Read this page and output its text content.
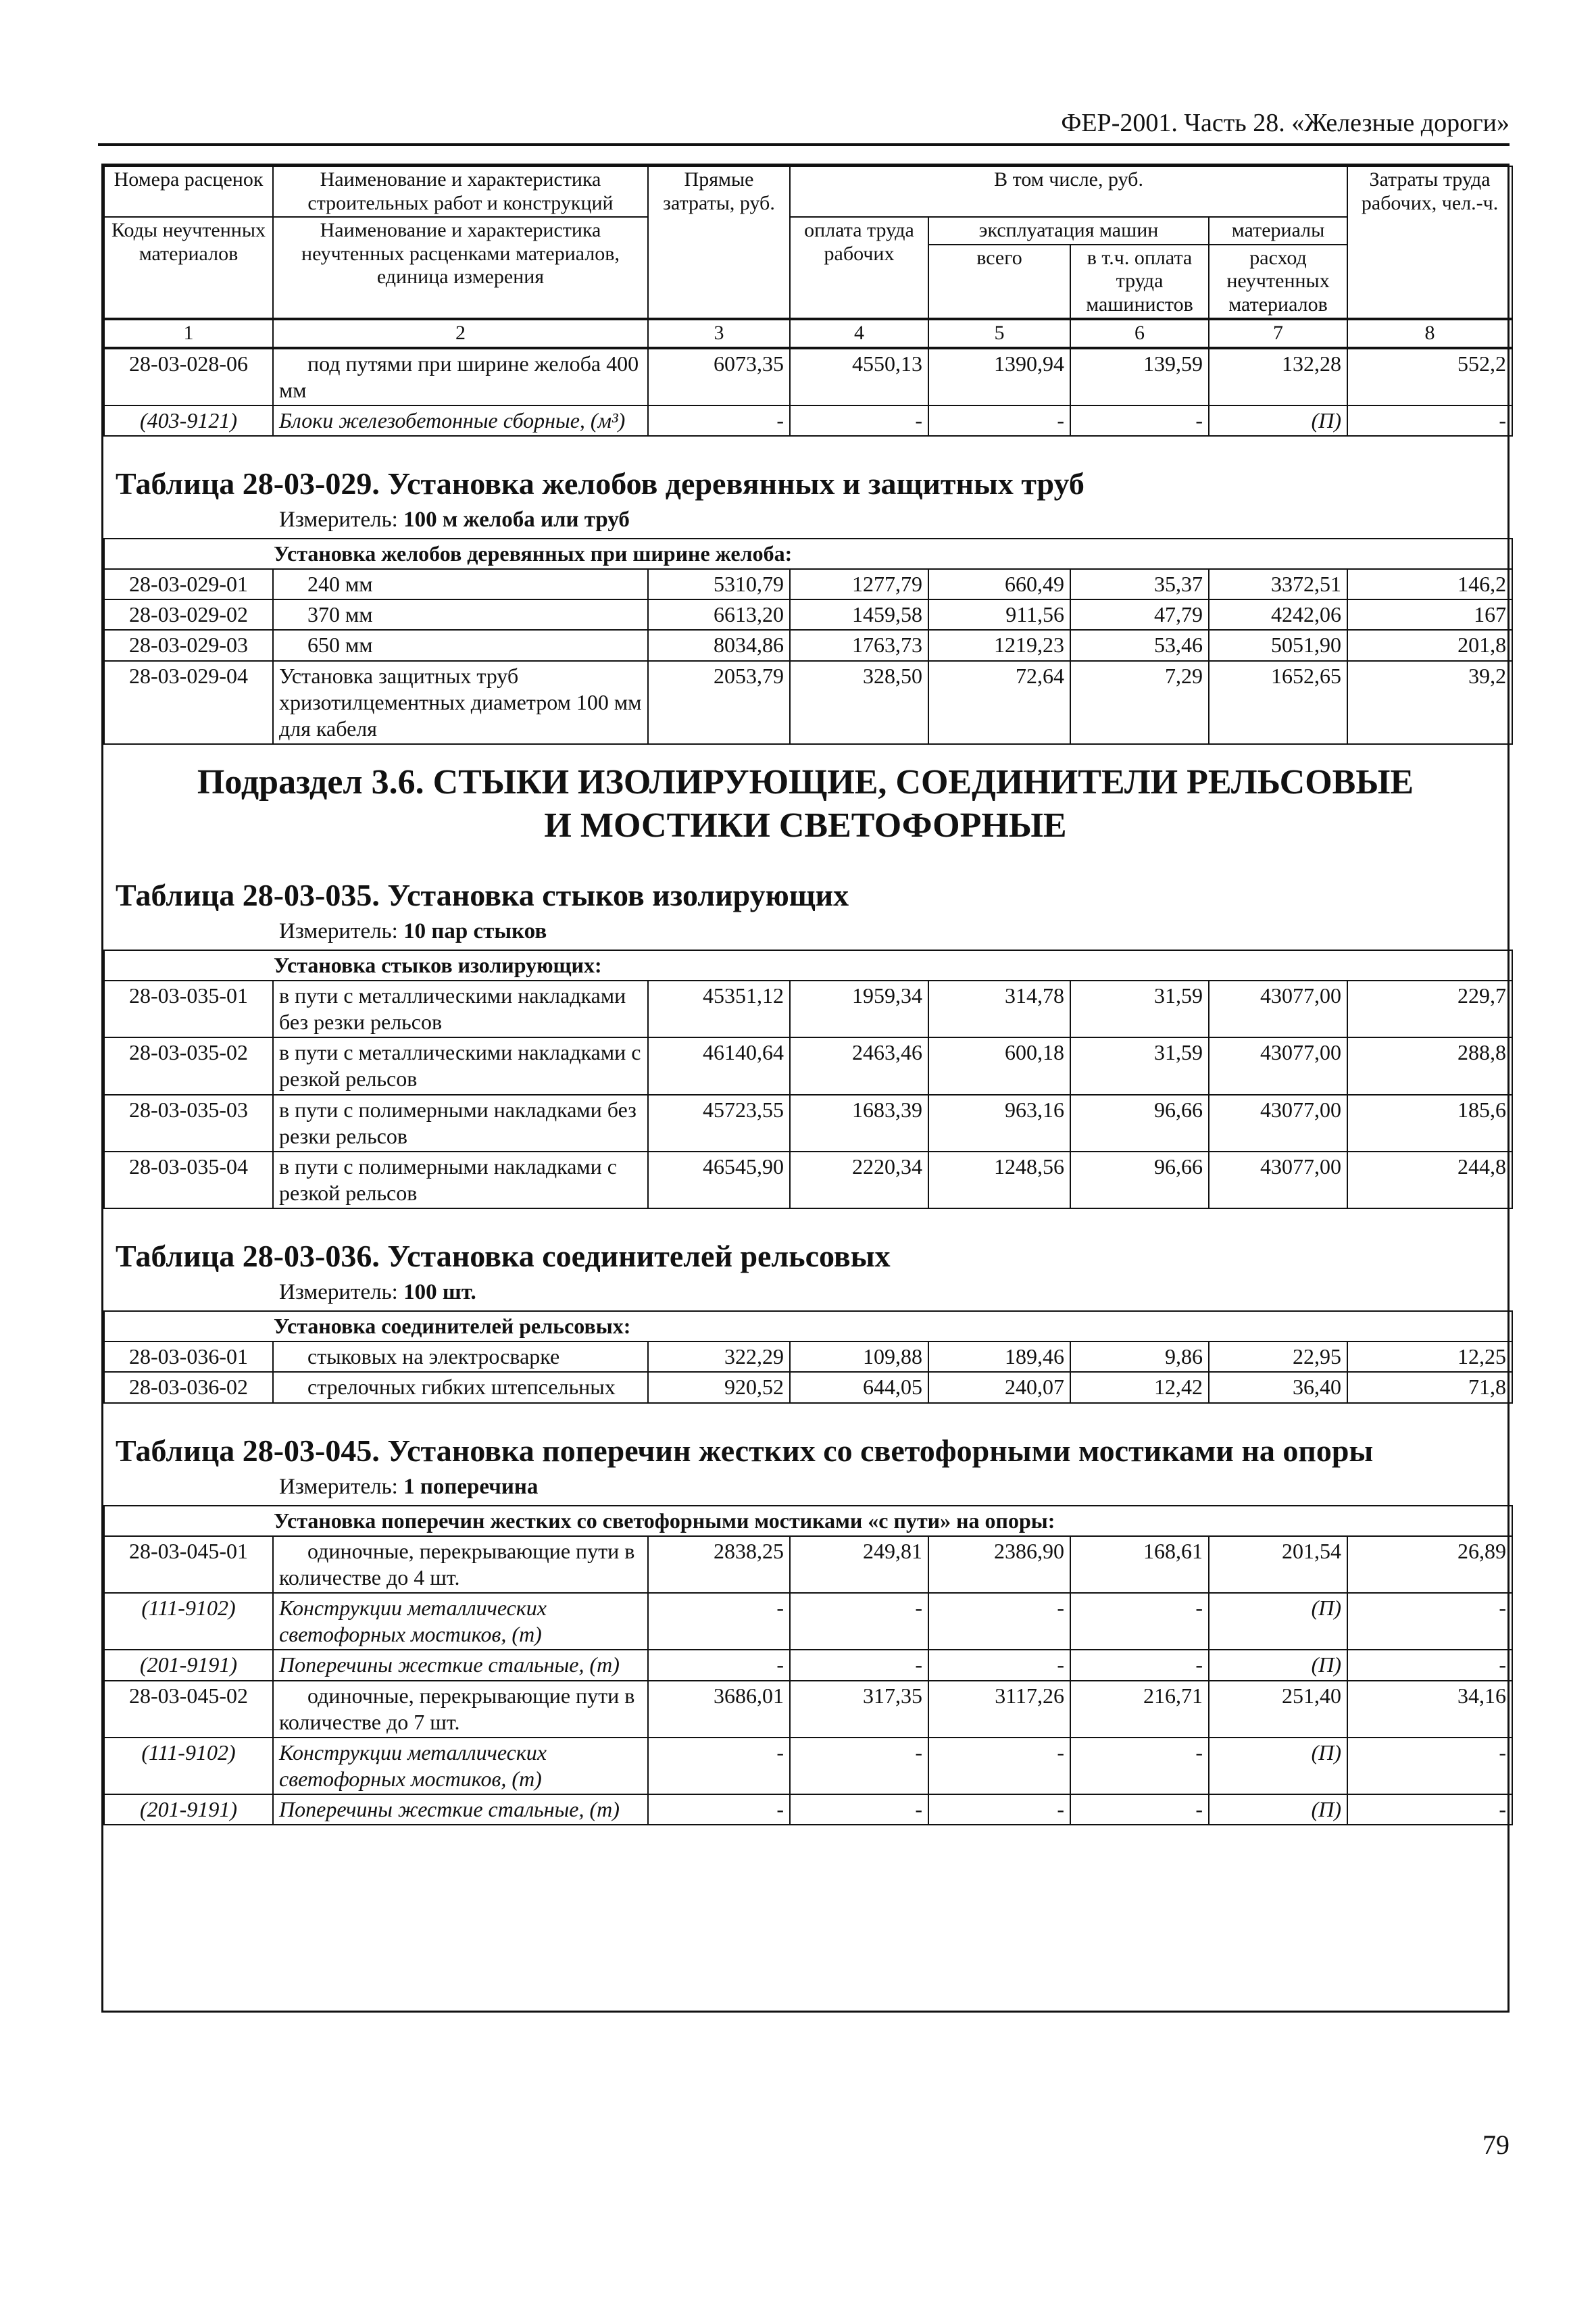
ФЕР-2001. Часть 28. «Железные дороги»
Номера расценок	Наименование и характеристика строительных работ и конструкций	Прямые затраты, руб.	В том числе, руб.				Затраты труда рабочих, чел.-ч.
Коды неучтенных материалов	Наименование и характеристика неучтенных расценками материалов, единица измерения		оплата труда рабочих	эксплуатация машин		материалы	
				всего	в т.ч. оплата труда машинистов	расход неучтенных материалов	
1	2	3	4	5	6	7	8
28-03-028-06	под путями при ширине желоба 400 мм	6073,35	4550,13	1390,94	139,59	132,28	552,2
(403-9121)	Блоки железобетонные сборные, (м³)	-	-	-	-	(П)	-
Таблица 28-03-029. Установка желобов деревянных и защитных труб
Измеритель: 100 м желоба или труб
Установка желобов деревянных при ширине желоба:							
28-03-029-01	240 мм	5310,79	1277,79	660,49	35,37	3372,51	146,2
28-03-029-02	370 мм	6613,20	1459,58	911,56	47,79	4242,06	167
28-03-029-03	650 мм	8034,86	1763,73	1219,23	53,46	5051,90	201,8
28-03-029-04	Установка защитных труб хризотилцементных диаметром 100 мм для кабеля	2053,79	328,50	72,64	7,29	1652,65	39,2
Подраздел 3.6. СТЫКИ ИЗОЛИРУЮЩИЕ, СОЕДИНИТЕЛИ РЕЛЬСОВЫЕ
И МОСТИКИ СВЕТОФОРНЫЕ
Таблица 28-03-035. Установка стыков изолирующих
Измеритель: 10 пар стыков
Установка стыков изолирующих:							
28-03-035-01	в пути с металлическими накладками без резки рельсов	45351,12	1959,34	314,78	31,59	43077,00	229,7
28-03-035-02	в пути с металлическими накладками с резкой рельсов	46140,64	2463,46	600,18	31,59	43077,00	288,8
28-03-035-03	в пути с полимерными накладками без резки рельсов	45723,55	1683,39	963,16	96,66	43077,00	185,6
28-03-035-04	в пути с полимерными накладками с резкой рельсов	46545,90	2220,34	1248,56	96,66	43077,00	244,8
Таблица 28-03-036. Установка соединителей рельсовых
Измеритель: 100 шт.
Установка соединителей рельсовых:							
28-03-036-01	стыковых на электросварке	322,29	109,88	189,46	9,86	22,95	12,25
28-03-036-02	стрелочных гибких штепсельных	920,52	644,05	240,07	12,42	36,40	71,8
Таблица 28-03-045. Установка поперечин жестких со светофорными мостиками на опоры
Измеритель: 1 поперечина
Установка поперечин жестких со светофорными мостиками «с пути» на опоры:							
28-03-045-01	одиночные, перекрывающие пути в количестве до 4 шт.	2838,25	249,81	2386,90	168,61	201,54	26,89
(111-9102)	Конструкции металлических светофорных мостиков, (т)	-	-	-	-	(П)	-
(201-9191)	Поперечины жесткие стальные, (т)	-	-	-	-	(П)	-
28-03-045-02	одиночные, перекрывающие пути в количестве до 7 шт.	3686,01	317,35	3117,26	216,71	251,40	34,16
(111-9102)	Конструкции металлических светофорных мостиков, (т)	-	-	-	-	(П)	-
(201-9191)	Поперечины жесткие стальные, (т)	-	-	-	-	(П)	-
79
